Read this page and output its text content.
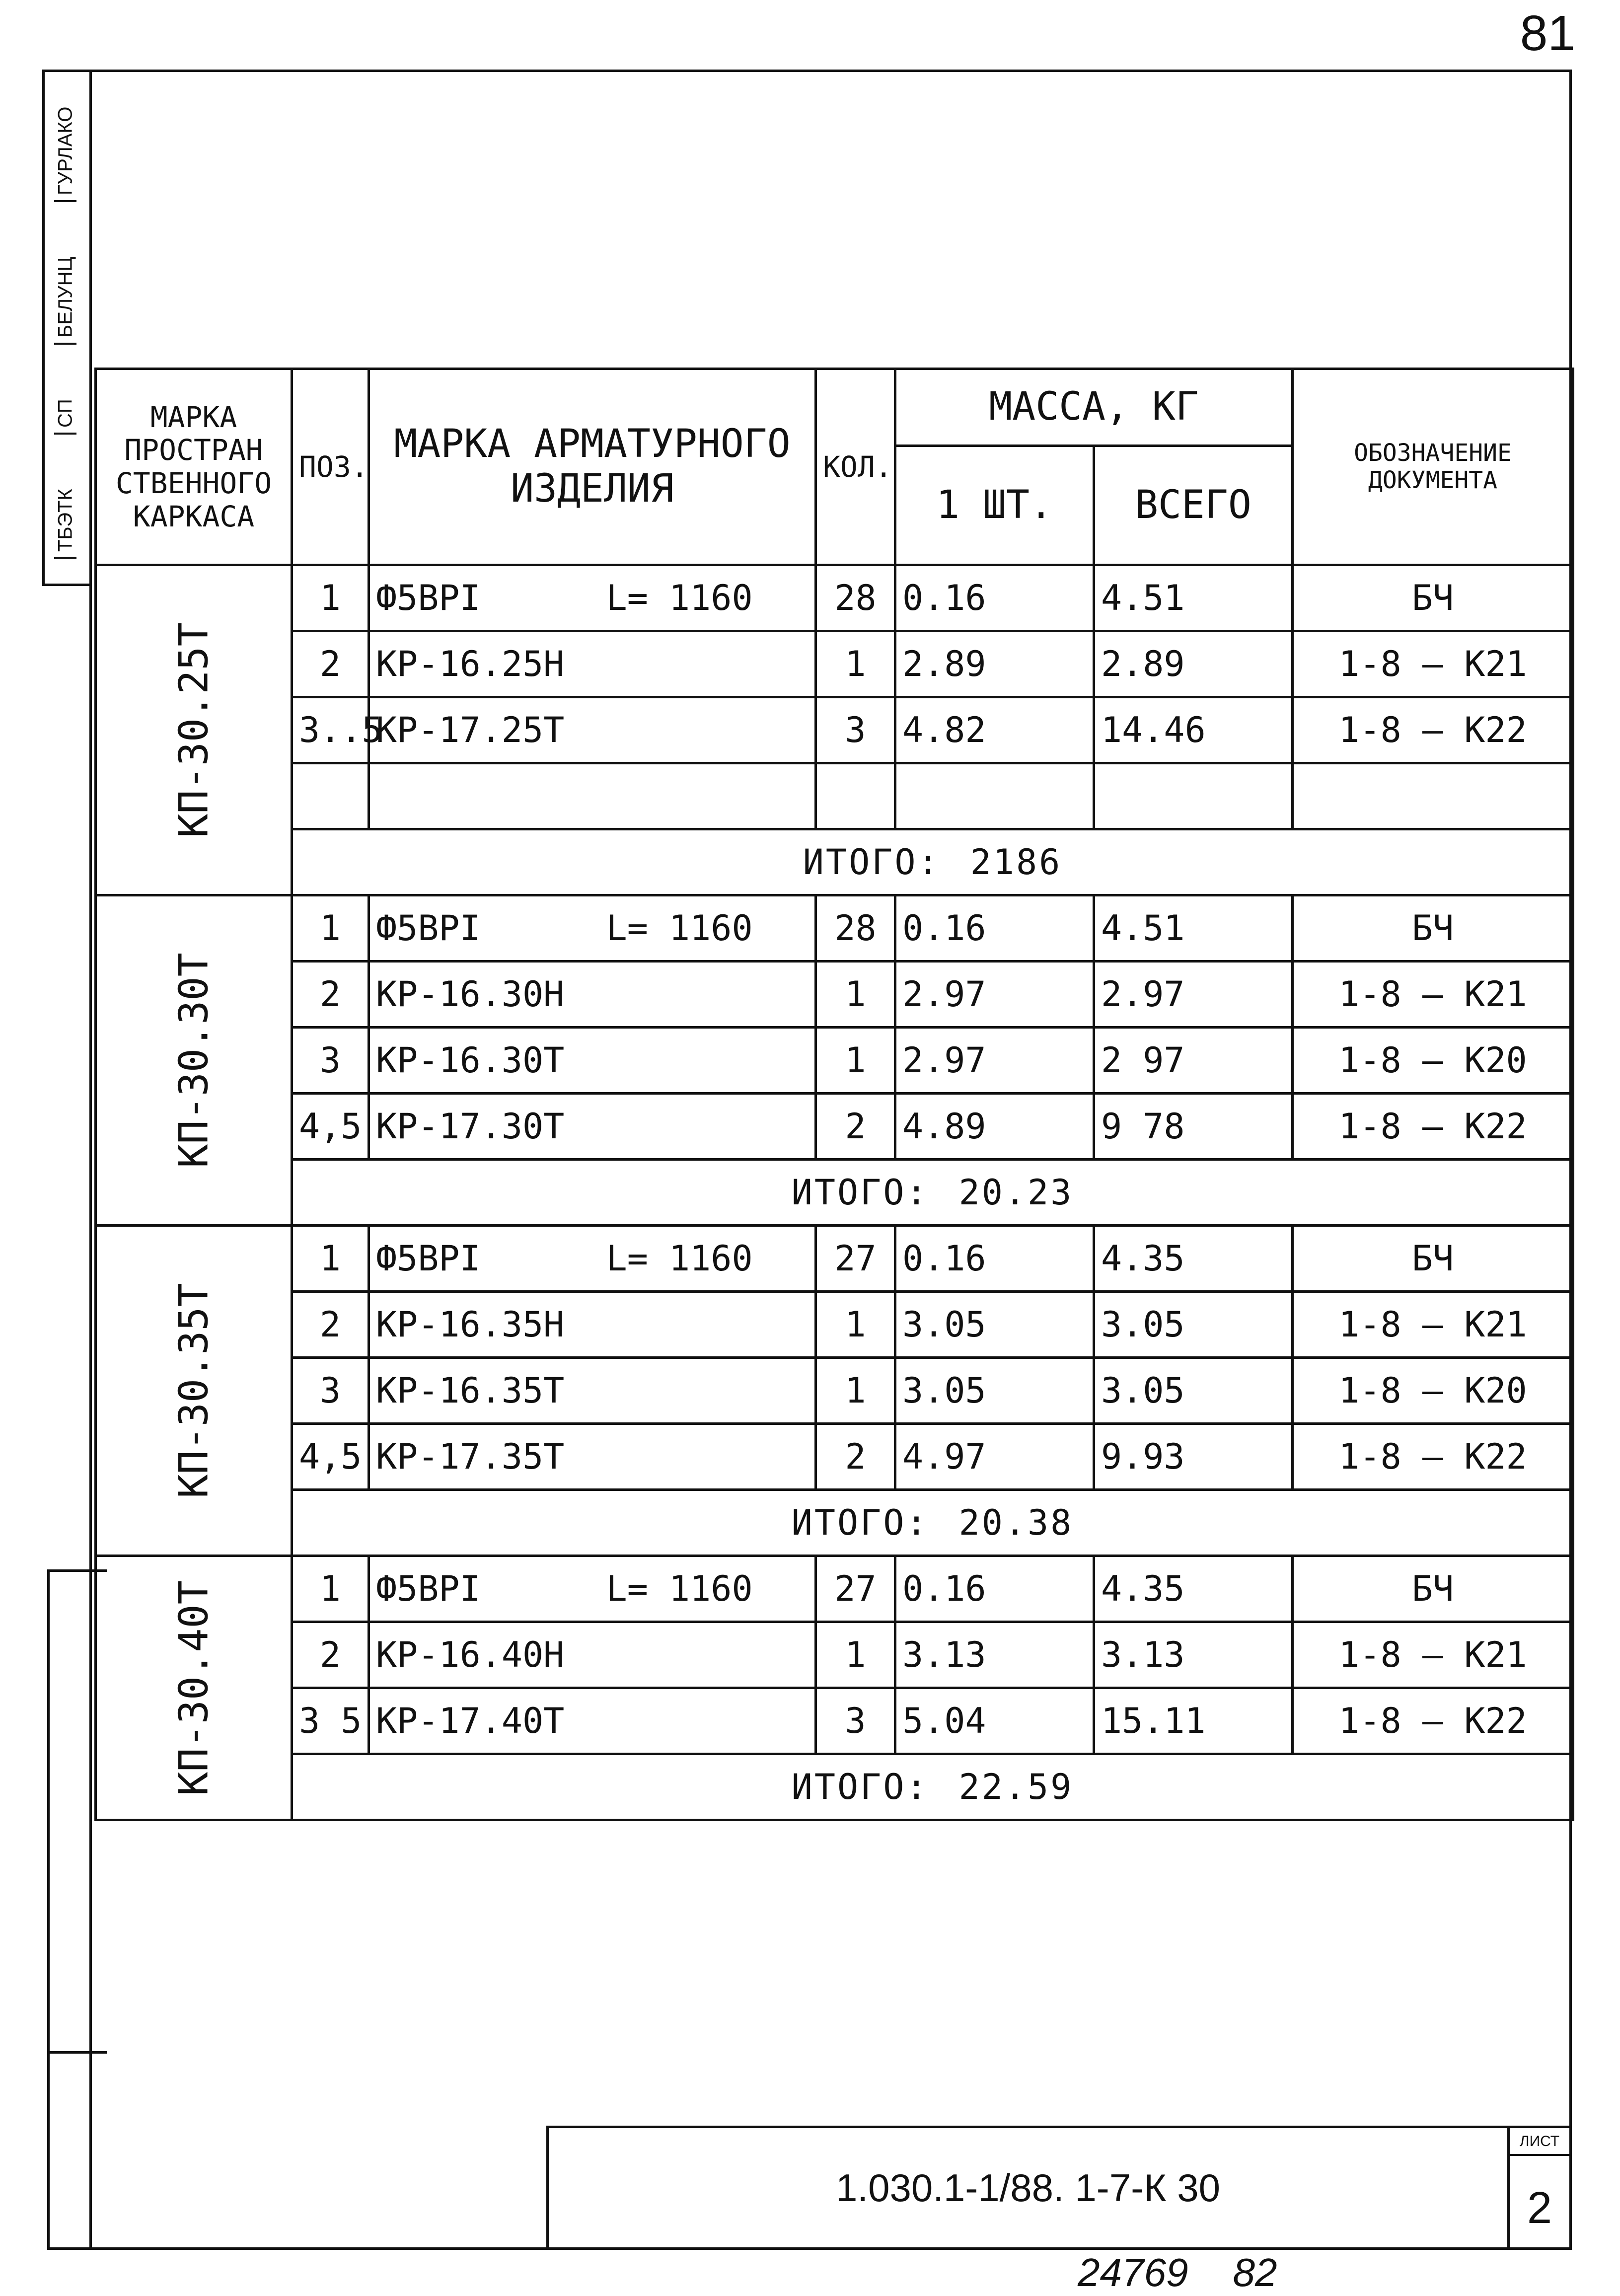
81
ТБЭТК
СП
БЕЛУНЦ
ГУРЛАКО
МАРКА ПРОСТРАН СТВЕННОГО КАРКАСА	ПОЗ.	МАРКА АРМАТУРНОГО ИЗДЕЛИЯ	КОЛ.	МАССА, КГ		ОБОЗНАЧЕНИЕ ДОКУМЕНТА
				1 ШТ.	ВСЕГО	

КП-30.25Т	1	Ф5ВРI      L= 1160	28	0.16	4.51	БЧ
	2	КР-16.25Н	1	2.89	2.89	1-8 — К21
	3..5	КР-17.25Т	3	4.82	14.46	1-8 — К22

	ИТОГО: 2186					

КП-30.30Т	1	Ф5ВРI      L= 1160	28	0.16	4.51	БЧ
	2	КР-16.30Н	1	2.97	2.97	1-8 — К21
	3	КР-16.30Т	1	2.97	2 97	1-8 — К20
	4,5	КР-17.30Т	2	4.89	9 78	1-8 — К22
	ИТОГО: 20.23					

КП-30.35Т	1	Ф5ВРI      L= 1160	27	0.16	4.35	БЧ
	2	КР-16.35Н	1	3.05	3.05	1-8 — К21
	3	КР-16.35Т	1	3.05	3.05	1-8 — К20
	4,5	КР-17.35Т	2	4.97	9.93	1-8 — К22
	ИТОГО: 20.38					

КП-30.40Т	1	Ф5ВРI      L= 1160	27	0.16	4.35	БЧ
	2	КР-16.40Н	1	3.13	3.13	1-8 — К21
	3 5	КР-17.40Т	3	5.04	15.11	1-8 — К22
	ИТОГО: 22.59					
1.030.1-1/88. 1-7-К 30
ЛИСТ
2
24769 82
